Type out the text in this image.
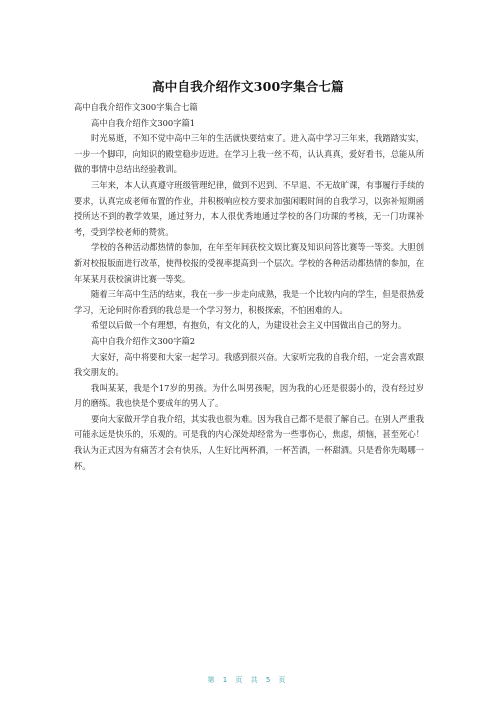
高中自我介绍作文300字集合七篇

高中自我介绍作文300字集合七篇

高中自我介绍作文300字篇1

时光易逝，不知不觉中高中三年的生活就快要结束了。进入高中学习三年来，我踏踏实实，一步一个脚印，向知识的殿堂稳步迈进。在学习上我一丝不苟，认认真真，爱好看书，总能从所做的事情中总结出经验教训。

三年来，本人认真遵守班级管理纪律，做到不迟到、不早退、不无故旷课，有事履行手续的要求，认真完成老师布置的作业，并积极响应校方要求加强闲暇时间的自我学习，以弥补短期函授所达不到的教学效果，通过努力，本人很优秀地通过学校的各门功课的考核，无一门功课补考，受到学校老师的赞赏。

学校的各种活动都热情的参加，在年至年间获校文娱比赛及知识问答比赛等一等奖。大胆创新对校报版面进行改革，使得校报的受视率提高到一个层次。学校的各种活动都热情的参加，在年某某月获校演讲比赛一等奖。

随着三年高中生活的结束，我在一步一步走向成熟，我是一个比较内向的学生，但是很热爱学习，无论何时你看到的我总是一个学习努力，积极探索，不怕困难的人。

希望以后做一个有理想，有抱负，有文化的人，为建设社会主义中国做出自己的努力。

高中自我介绍作文300字篇2

大家好，高中将要和大家一起学习。我感到很兴奋。大家听完我的自我介绍，一定会喜欢跟我交朋友的。

我叫某某，我是个17岁的男孩。为什么叫男孩呢，因为我的心还是很弱小的，没有经过岁月的磨练。我也快是个要成年的男人了。

要向大家做开学自我介绍，其实我也很为难。因为我自己都不是很了解自己。在别人严重我可能永远是快乐的，乐观的。可是我的内心深处却经常为一些事伤心，焦虑，烦恼，甚至死心！我认为正式因为有痛苦才会有快乐，人生好比两杯酒，一杯苦酒，一杯甜酒。只是看你先喝哪一杯。

第 1 页 共 5 页
